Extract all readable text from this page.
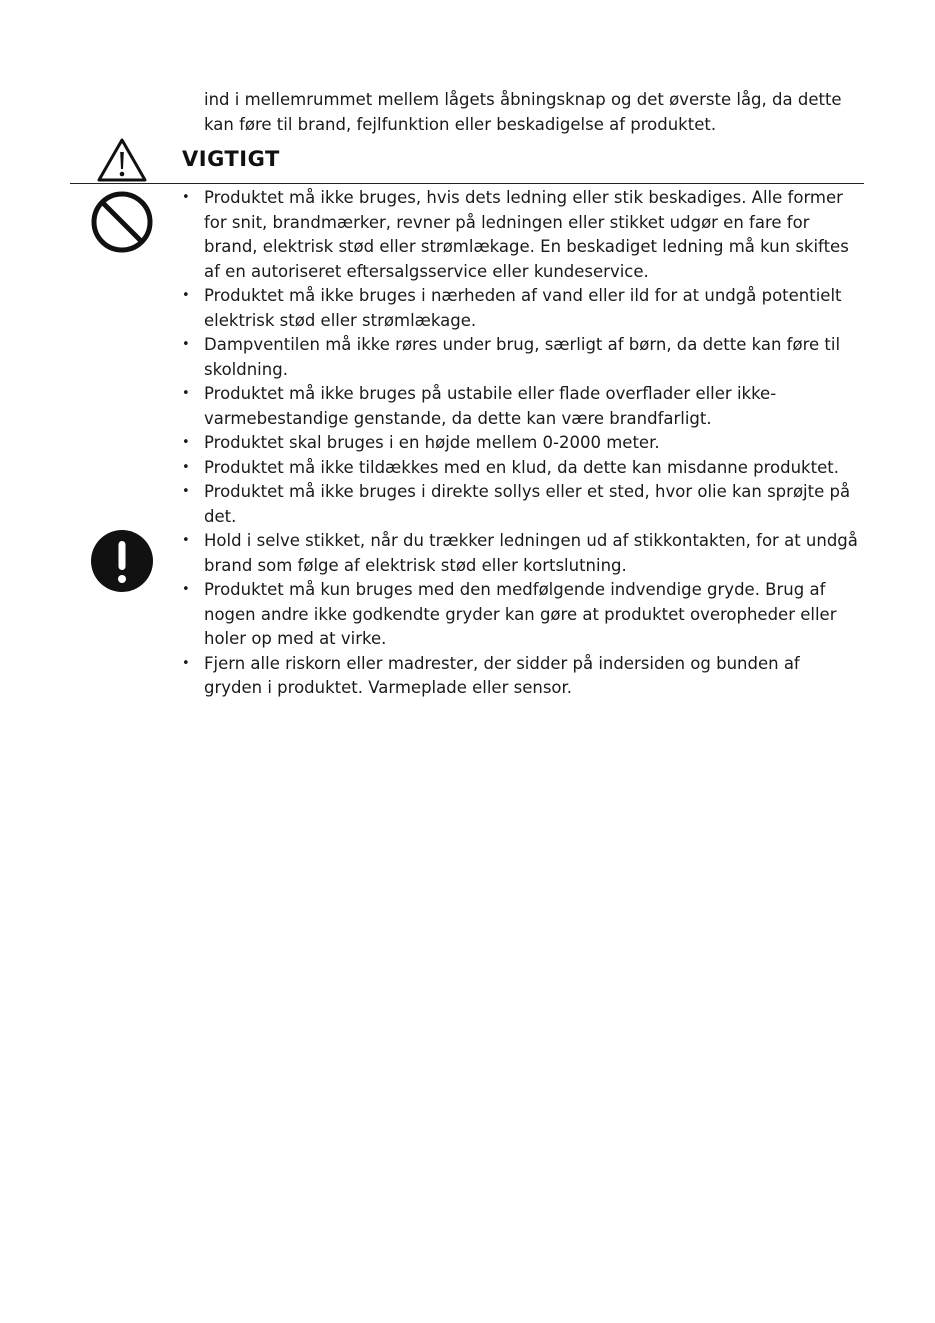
ind i mellemrummet mellem lågets åbningsknap og det øverste låg, da dette kan føre til brand, fejlfunktion eller beskadigelse af produktet.

VIGTIGT
• Produktet må ikke bruges, hvis dets ledning eller stik beskadiges. Alle former for snit, brandmærker, revner på ledningen eller stikket udgør en fare for brand, elektrisk stød eller strømlækage. En beskadiget ledning må kun skiftes af en autoriseret eftersalgsservice eller kundeservice.
• Produktet må ikke bruges i nærheden af vand eller ild for at undgå potentielt elektrisk stød eller strømlækage.
• Dampventilen må ikke røres under brug, særligt af børn, da dette kan føre til skoldning.
• Produktet må ikke bruges på ustabile eller flade overflader eller ikke-varmebestandige genstande, da dette kan være brandfarligt.
• Produktet skal bruges i en højde mellem 0-2000 meter.
• Produktet må ikke tildækkes med en klud, da dette kan misdanne produktet.
• Produktet må ikke bruges i direkte sollys eller et sted, hvor olie kan sprøjte på det.
• Hold i selve stikket, når du trækker ledningen ud af stikkontakten, for at undgå brand som følge af elektrisk stød eller kortslutning.
• Produktet må kun bruges med den medfølgende indvendige gryde. Brug af nogen andre ikke godkendte gryder kan gøre at produktet overopheder eller holer op med at virke.
• Fjern alle riskorn eller madrester, der sidder på indersiden og bunden af gryden i produktet. Varmeplade eller sensor.
